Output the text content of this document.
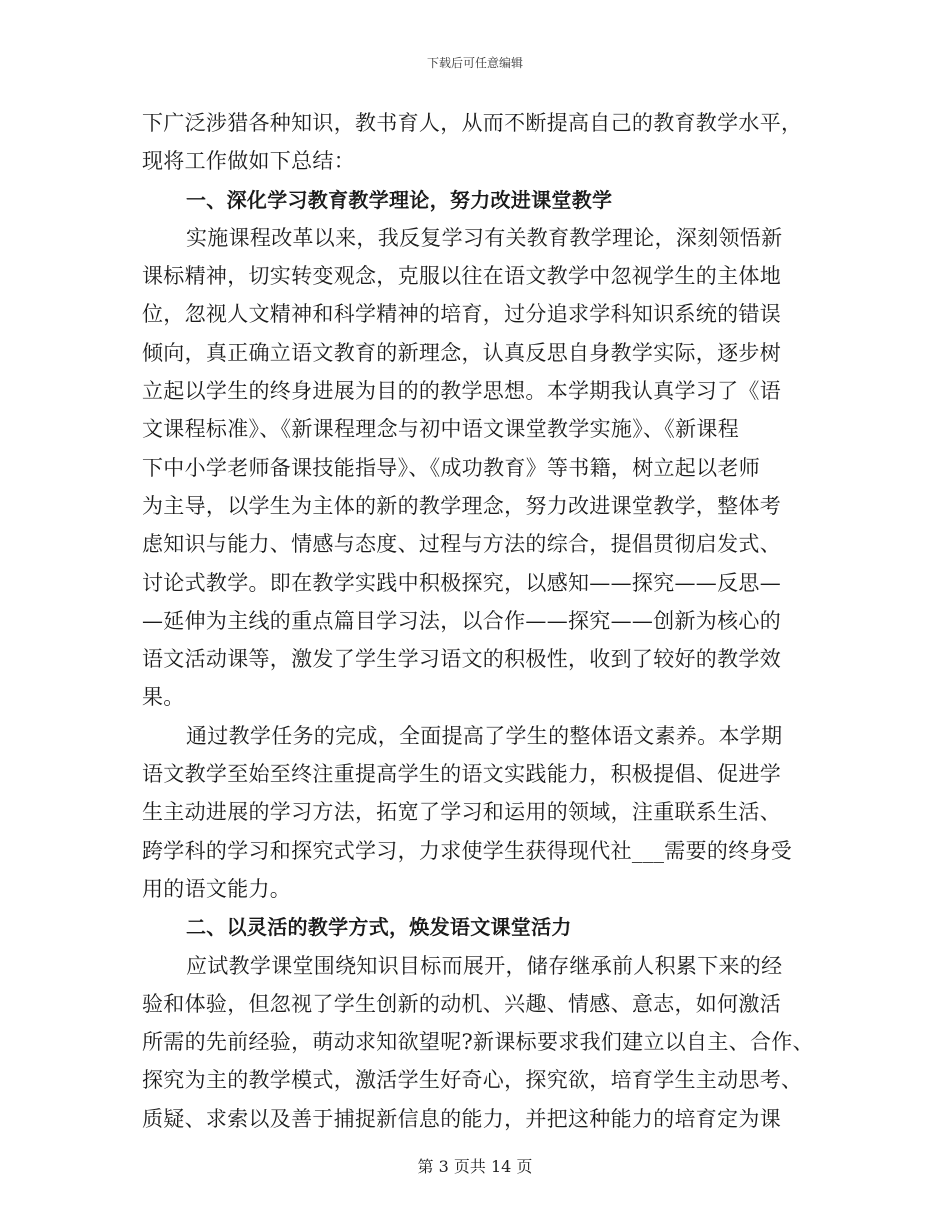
下载后可任意编辑
下广泛涉猎各种知识，教书育人，从而不断提高自己的教育教学水平，
现将工作做如下总结：
一、深化学习教育教学理论，努力改进课堂教学
实施课程改革以来，我反复学习有关教育教学理论，深刻领悟新
课标精神，切实转变观念，克服以往在语文教学中忽视学生的主体地
位，忽视人文精神和科学精神的培育，过分追求学科知识系统的错误
倾向，真正确立语文教育的新理念，认真反思自身教学实际，逐步树
立起以学生的终身进展为目的的教学思想。本学期我认真学习了《语
文课程标准》、《新课程理念与初中语文课堂教学实施》、《新课程
下中小学老师备课技能指导》、《成功教育》等书籍，树立起以老师
为主导，以学生为主体的新的教学理念，努力改进课堂教学，整体考
虑知识与能力、情感与态度、过程与方法的综合，提倡贯彻启发式、
讨论式教学。即在教学实践中积极探究，以感知——探究——反思—
—延伸为主线的重点篇目学习法，以合作——探究——创新为核心的
语文活动课等，激发了学生学习语文的积极性，收到了较好的教学效
果。
通过教学任务的完成，全面提高了学生的整体语文素养。本学期
语文教学至始至终注重提高学生的语文实践能力，积极提倡、促进学
生主动进展的学习方法，拓宽了学习和运用的领域，注重联系生活、
跨学科的学习和探究式学习，力求使学生获得现代社___需要的终身受
用的语文能力。
二、以灵活的教学方式，焕发语文课堂活力
应试教学课堂围绕知识目标而展开，储存继承前人积累下来的经
验和体验，但忽视了学生创新的动机、兴趣、情感、意志，如何激活
所需的先前经验，萌动求知欲望呢?新课标要求我们建立以自主、合作、
探究为主的教学模式，激活学生好奇心，探究欲，培育学生主动思考、
质疑、求索以及善于捕捉新信息的能力，并把这种能力的培育定为课
第 3 页共 14 页
